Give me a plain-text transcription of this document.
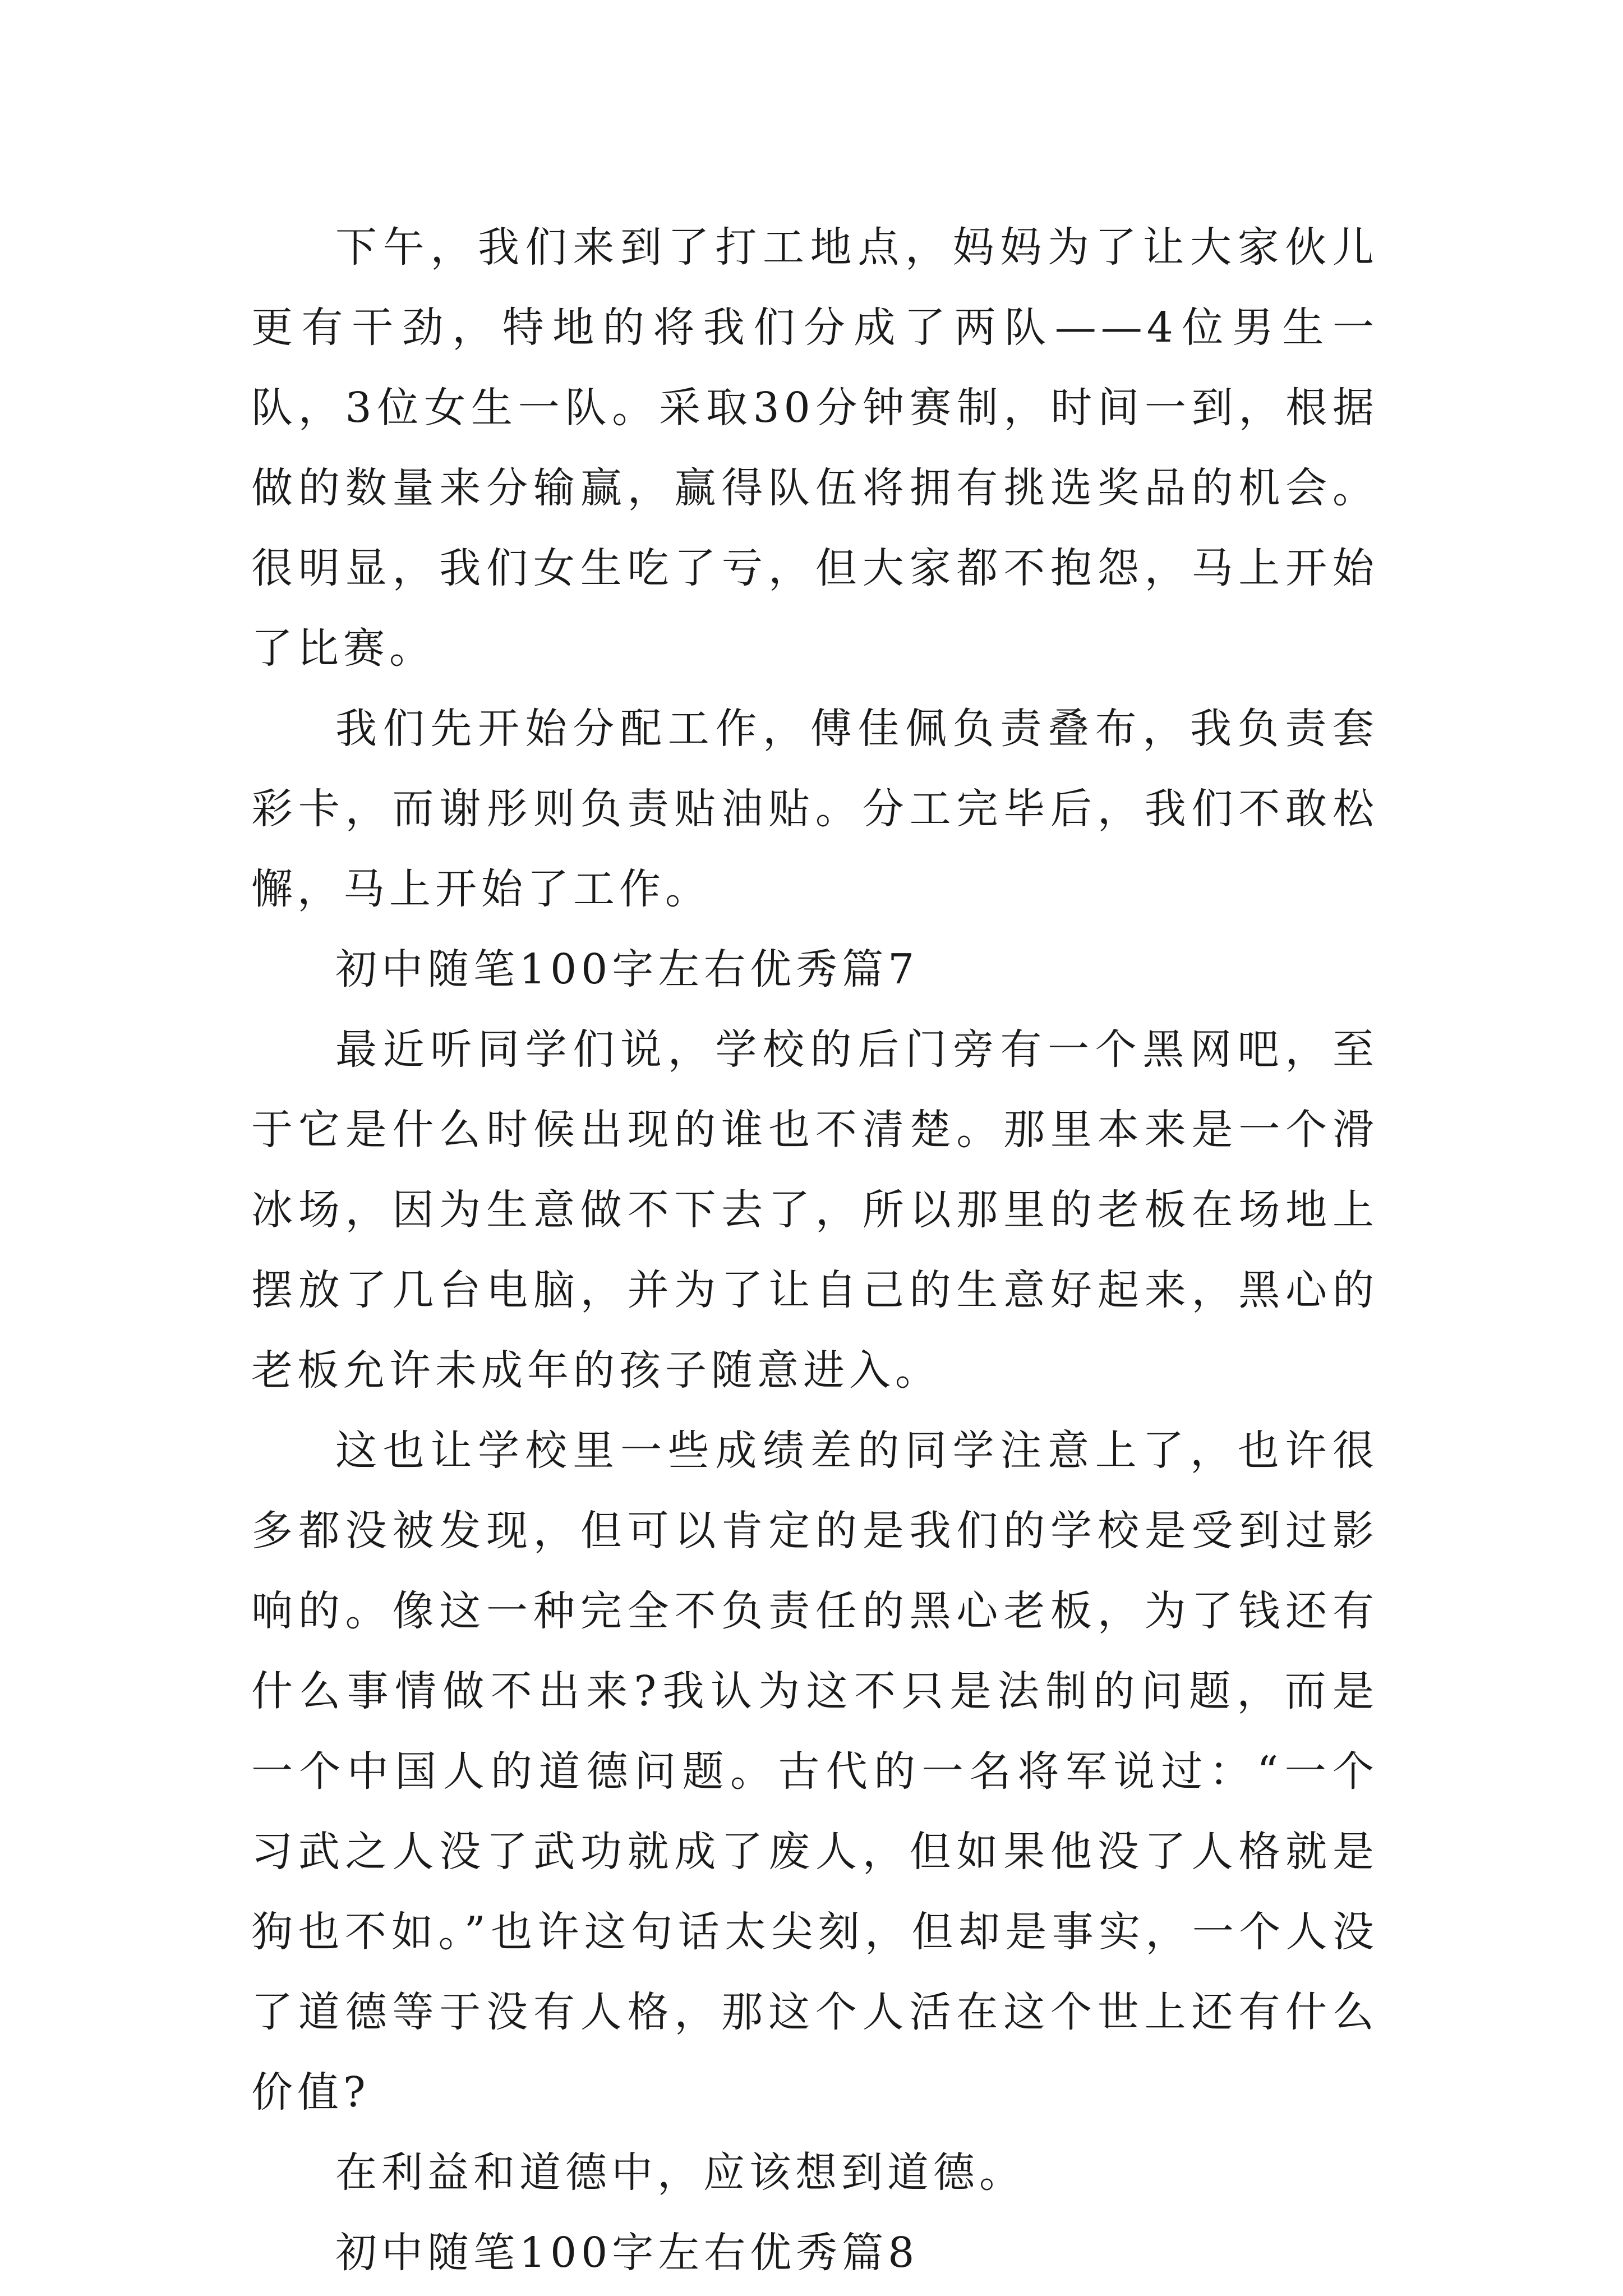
下午，我们来到了打工地点，妈妈为了让大家伙儿更有干劲，特地的将我们分成了两队——4位男生一队，3位女生一队。采取30分钟赛制，时间一到，根据做的数量来分输赢，赢得队伍将拥有挑选奖品的机会。很明显，我们女生吃了亏，但大家都不抱怨，马上开始了比赛。

我们先开始分配工作，傅佳佩负责叠布，我负责套彩卡，而谢彤则负责贴油贴。分工完毕后，我们不敢松懈，马上开始了工作。

初中随笔100字左右优秀篇7

最近听同学们说，学校的后门旁有一个黑网吧，至于它是什么时候出现的谁也不清楚。那里本来是一个滑冰场，因为生意做不下去了，所以那里的老板在场地上摆放了几台电脑，并为了让自己的生意好起来，黑心的老板允许未成年的孩子随意进入。

这也让学校里一些成绩差的同学注意上了，也许很多都没被发现，但可以肯定的是我们的学校是受到过影响的。像这一种完全不负责任的黑心老板，为了钱还有什么事情做不出来?我认为这不只是法制的问题，而是一个中国人的道德问题。古代的一名将军说过：“一个习武之人没了武功就成了废人，但如果他没了人格就是狗也不如。”也许这句话太尖刻，但却是事实，一个人没了道德等于没有人格，那这个人活在这个世上还有什么价值?

在利益和道德中，应该想到道德。

初中随笔100字左右优秀篇8
